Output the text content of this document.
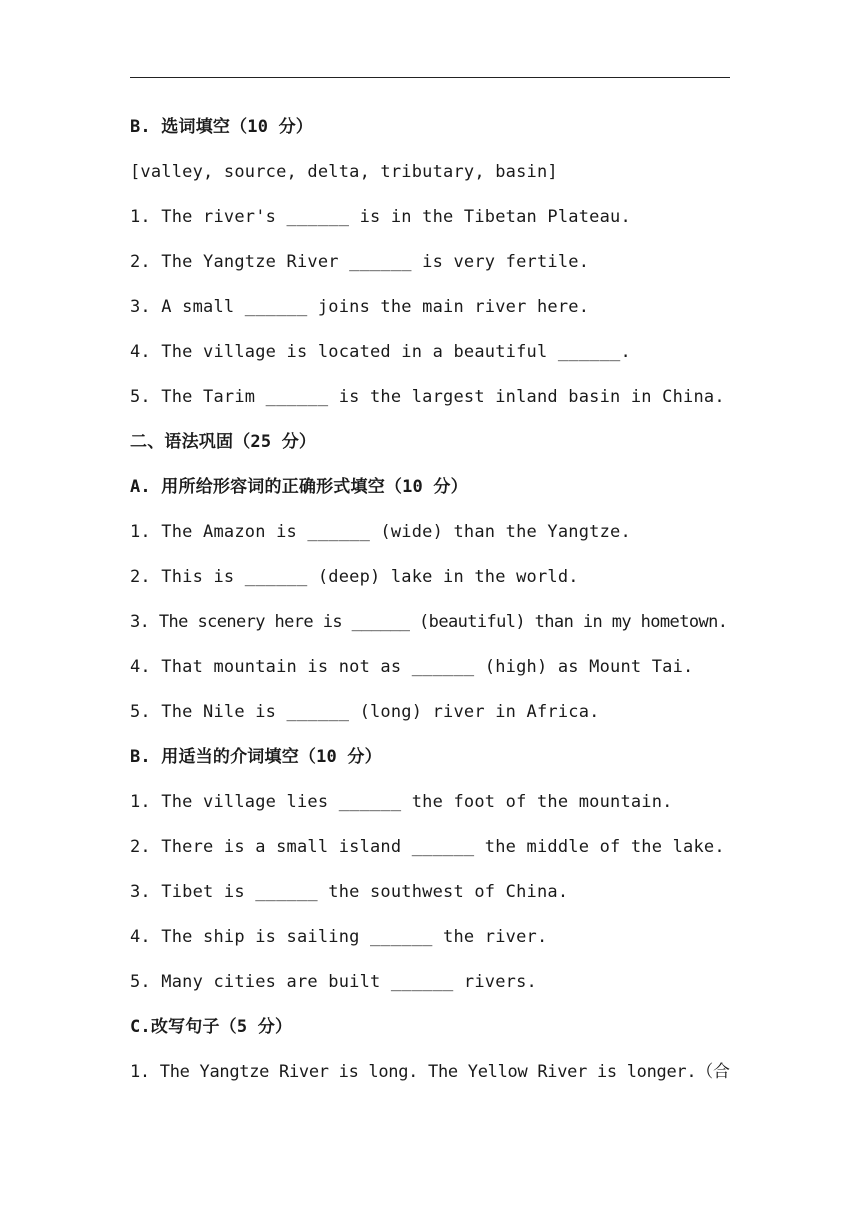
B. 选词填空（10 分）
[valley, source, delta, tributary, basin]
1. The river's ______ is in the Tibetan Plateau.
2. The Yangtze River ______ is very fertile.
3. A small ______ joins the main river here.
4. The village is located in a beautiful ______.
5. The Tarim ______ is the largest inland basin in China.
二、语法巩固（25 分）
A. 用所给形容词的正确形式填空（10 分）
1. The Amazon is ______ (wide) than the Yangtze.
2. This is ______ (deep) lake in the world.
3. The scenery here is ______ (beautiful) than in my hometown.
4. That mountain is not as ______ (high) as Mount Tai.
5. The Nile is ______ (long) river in Africa.
B. 用适当的介词填空（10 分）
1. The village lies ______ the foot of the mountain.
2. There is a small island ______ the middle of the lake.
3. Tibet is ______ the southwest of China.
4. The ship is sailing ______ the river.
5. Many cities are built ______ rivers.
C.改写句子（5 分）
1. The Yangtze River is long. The Yellow River is longer.（合
